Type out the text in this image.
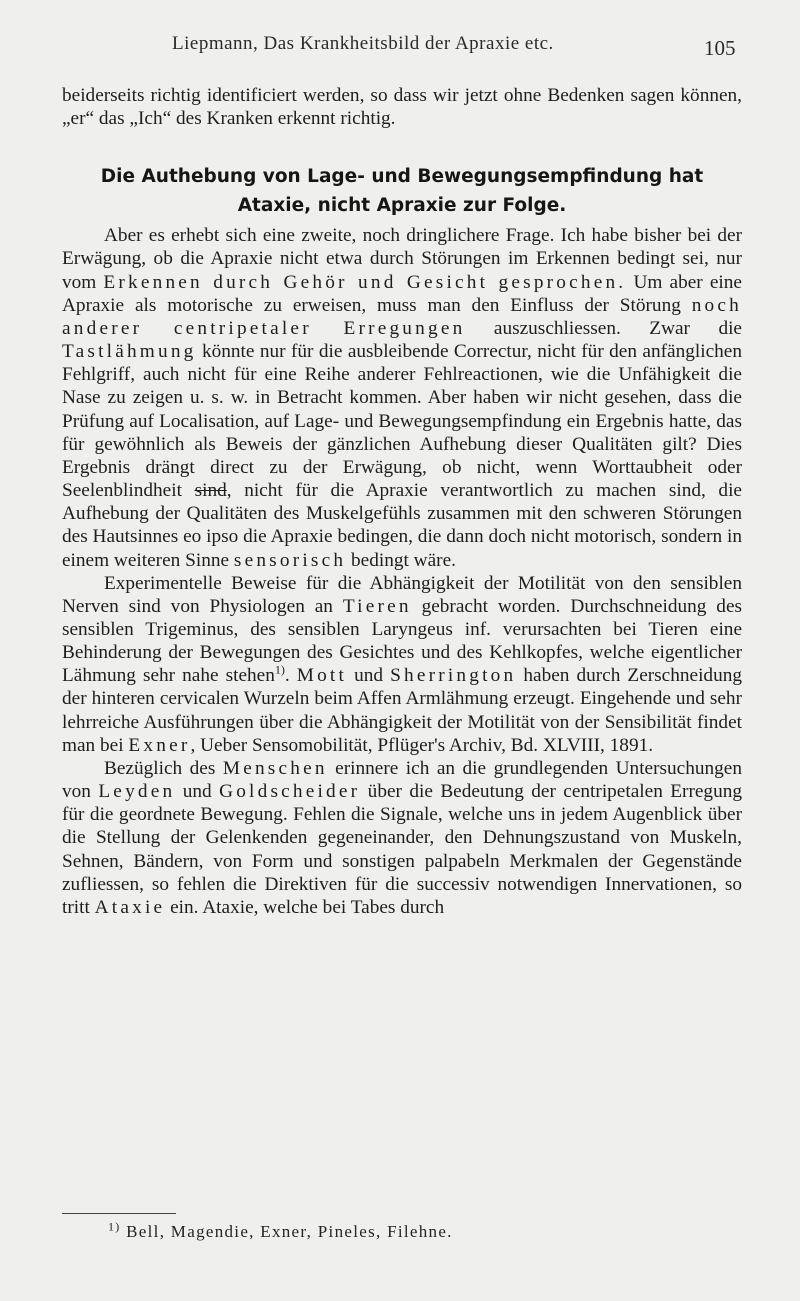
Liepmann, Das Krankheitsbild der Apraxie etc.	105

beiderseits richtig identificiert werden, so dass wir jetzt ohne Bedenken sagen können, „er“ das „Ich“ des Kranken erkennt richtig.

Die Authebung von Lage- und Bewegungsempfindung hat
Ataxie, nicht Apraxie zur Folge.

Aber es erhebt sich eine zweite, noch dringlichere Frage. Ich habe bisher bei der Erwägung, ob die Apraxie nicht etwa durch Störungen im Erkennen bedingt sei, nur vom Erkennen durch Gehör und Gesicht gesprochen. Um aber eine Apraxie als motorische zu erweisen, muss man den Einfluss der Störung noch anderer centripetaler Erregungen auszuschliessen. Zwar die Tastlähmung könnte nur für die ausbleibende Correctur, nicht für den anfänglichen Fehlgriff, auch nicht für eine Reihe anderer Fehlreactionen, wie die Unfähigkeit die Nase zu zeigen u. s. w. in Betracht kommen. Aber haben wir nicht gesehen, dass die Prüfung auf Localisation, auf Lage- und Bewegungsempfindung ein Ergebnis hatte, das für gewöhnlich als Beweis der gänzlichen Aufhebung dieser Qualitäten gilt? Dies Ergebnis drängt direct zu der Erwägung, ob nicht, wenn Worttaubheit oder Seelenblindheit sind, nicht für die Apraxie verantwortlich zu machen sind, die Aufhebung der Qualitäten des Muskelgefühls zusammen mit den schweren Störungen des Hautsinnes eo ipso die Apraxie bedingen, die dann doch nicht motorisch, sondern in einem weiteren Sinne sensorisch bedingt wäre.

Experimentelle Beweise für die Abhängigkeit der Motilität von den sensiblen Nerven sind von Physiologen an Tieren gebracht worden. Durchschneidung des sensiblen Trigeminus, des sensiblen Laryngeus inf. verursachten bei Tieren eine Behinderung der Bewegungen des Gesichtes und des Kehlkopfes, welche eigentlicher Lähmung sehr nahe stehen$^{1)}$. Mott und Sherrington haben durch Zerschneidung der hinteren cervicalen Wurzeln beim Affen Armlähmung erzeugt. Eingehende und sehr lehrreiche Ausführungen über die Abhängigkeit der Motilität von der Sensibilität findet man bei Exner, Ueber Sensomobilität, Pflüger's Archiv, Bd. XLVIII, 1891.

Bezüglich des Menschen erinnere ich an die grundlegenden Untersuchungen von Leyden und Goldscheider über die Bedeutung der centripetalen Erregung für die geordnete Bewegung. Fehlen die Signale, welche uns in jedem Augenblick über die Stellung der Gelenkenden gegeneinander, den Dehnungszustand von Muskeln, Sehnen, Bändern, von Form und sonstigen palpabeln Merkmalen der Gegenstände zufliessen, so fehlen die Direktiven für die successiv notwendigen Innervationen, so tritt Ataxie ein. Ataxie, welche bei Tabes durch

$^{1)}$ Bell, Magendie, Exner, Pineles, Filehne.
